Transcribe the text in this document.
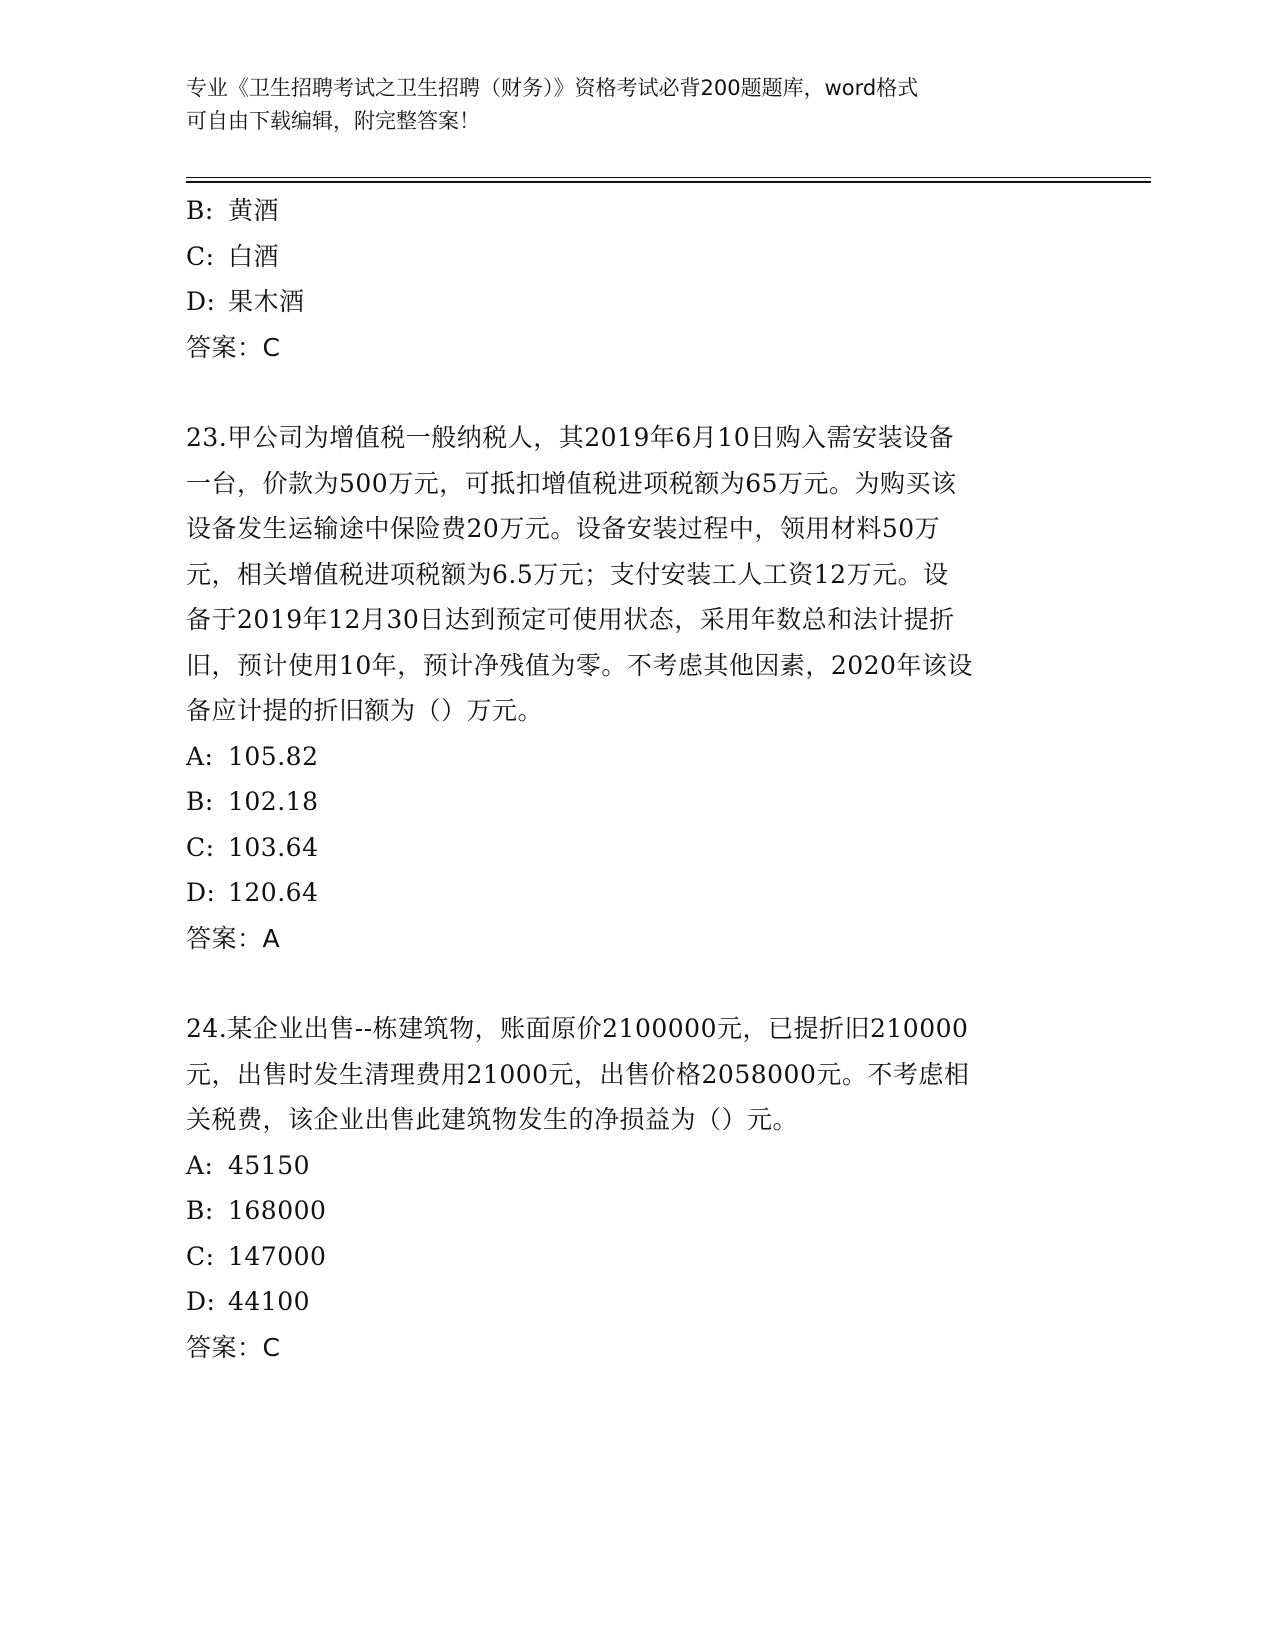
专业《卫生招聘考试之卫生招聘（财务）》资格考试必背200题题库，word格式
可自由下载编辑，附完整答案！

B: 黄酒

C: 白酒

D: 果木酒

答案：C

23.甲公司为增值税一般纳税人，其2019年6月10日购入需安装设备

一台，价款为500万元，可抵扣增值税进项税额为65万元。为购买该

设备发生运输途中保险费20万元。设备安装过程中，领用材料50万

元，相关增值税进项税额为6.5万元；支付安装工人工资12万元。设

备于2019年12月30日达到预定可使用状态，采用年数总和法计提折

旧，预计使用10年，预计净残值为零。不考虑其他因素，2020年该设

备应计提的折旧额为（）万元。

A: 105.82

B: 102.18

C: 103.64

D: 120.64

答案：A

24.某企业出售--栋建筑物，账面原价2100000元，已提折旧210000

元，出售时发生清理费用21000元，出售价格2058000元。不考虑相

关税费，该企业出售此建筑物发生的净损益为（）元。

A: 45150

B: 168000

C: 147000

D: 44100

答案：C
